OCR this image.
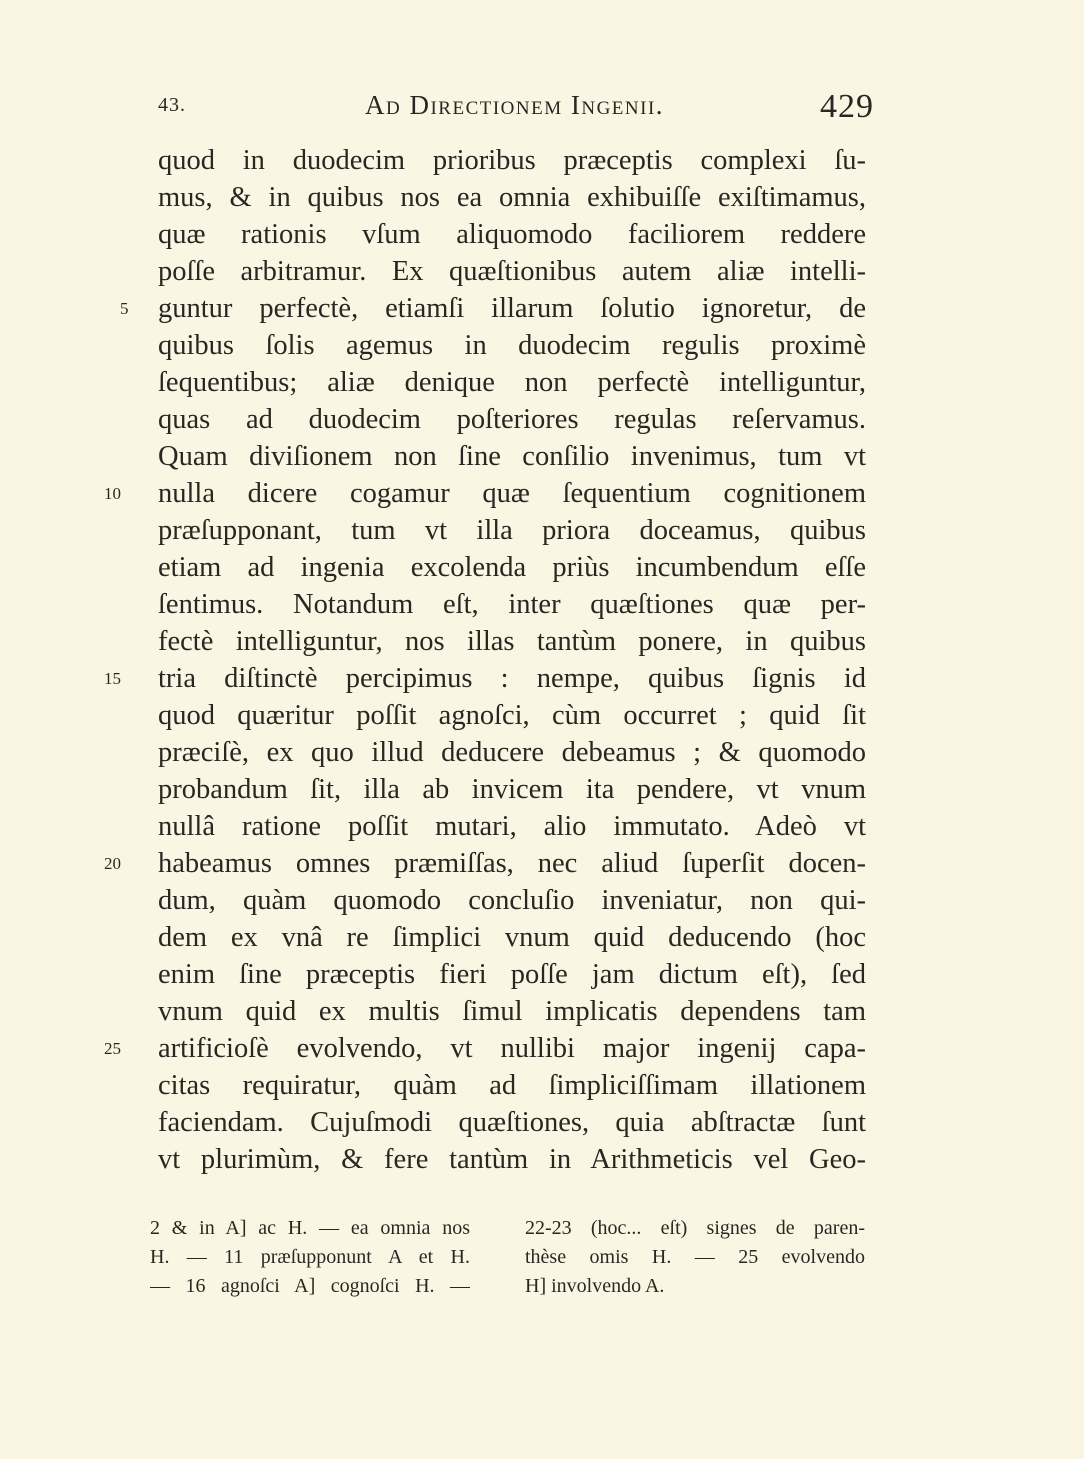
43.	Ad Directionem Ingenii.	429
quod in duodecim prioribus præceptis complexi ſu-
mus, & in quibus nos ea omnia exhibuiſſe exiſtimamus,
quæ rationis vſum aliquomodo faciliorem reddere
poſſe arbitramur. Ex quæſtionibus autem aliæ intelli-
5	guntur perfectè, etiamſi illarum ſolutio ignoretur, de
quibus ſolis agemus in duodecim regulis proximè
ſequentibus; aliæ denique non perfectè intelliguntur,
quas ad duodecim poſteriores regulas reſervamus.
Quam diviſionem non ſine conſilio invenimus, tum vt
10	nulla dicere cogamur quæ ſequentium cognitionem
præſupponant, tum vt illa priora doceamus, quibus
etiam ad ingenia excolenda priùs incumbendum eſſe
ſentimus. Notandum eſt, inter quæſtiones quæ per-
fectè intelliguntur, nos illas tantùm ponere, in quibus
15	tria diſtinctè percipimus : nempe, quibus ſignis id
quod quæritur poſſit agnoſci, cùm occurret ; quid ſit
præciſè, ex quo illud deducere debeamus ; & quomodo
probandum ſit, illa ab invicem ita pendere, vt vnum
nullâ ratione poſſit mutari, alio immutato. Adeò vt
20	habeamus omnes præmiſſas, nec aliud ſuperſit docen-
dum, quàm quomodo concluſio inveniatur, non qui-
dem ex vnâ re ſimplici vnum quid deducendo (hoc
enim ſine præceptis fieri poſſe jam dictum eſt), ſed
vnum quid ex multis ſimul implicatis dependens tam
25	artificioſè evolvendo, vt nullibi major ingenij capa-
citas requiratur, quàm ad ſimpliciſſimam illationem
faciendam. Cujuſmodi quæſtiones, quia abſtractæ ſunt
vt plurimùm, & fere tantùm in Arithmeticis vel Geo-
2 & in A] ac H. — ea omnia nos
H. — 11 præſupponunt A et H.
— 16 agnoſci A] cognoſci H. —
22-23 (hoc... eſt) signes de paren-
thèse omis H. — 25 evolvendo
H] involvendo A.
